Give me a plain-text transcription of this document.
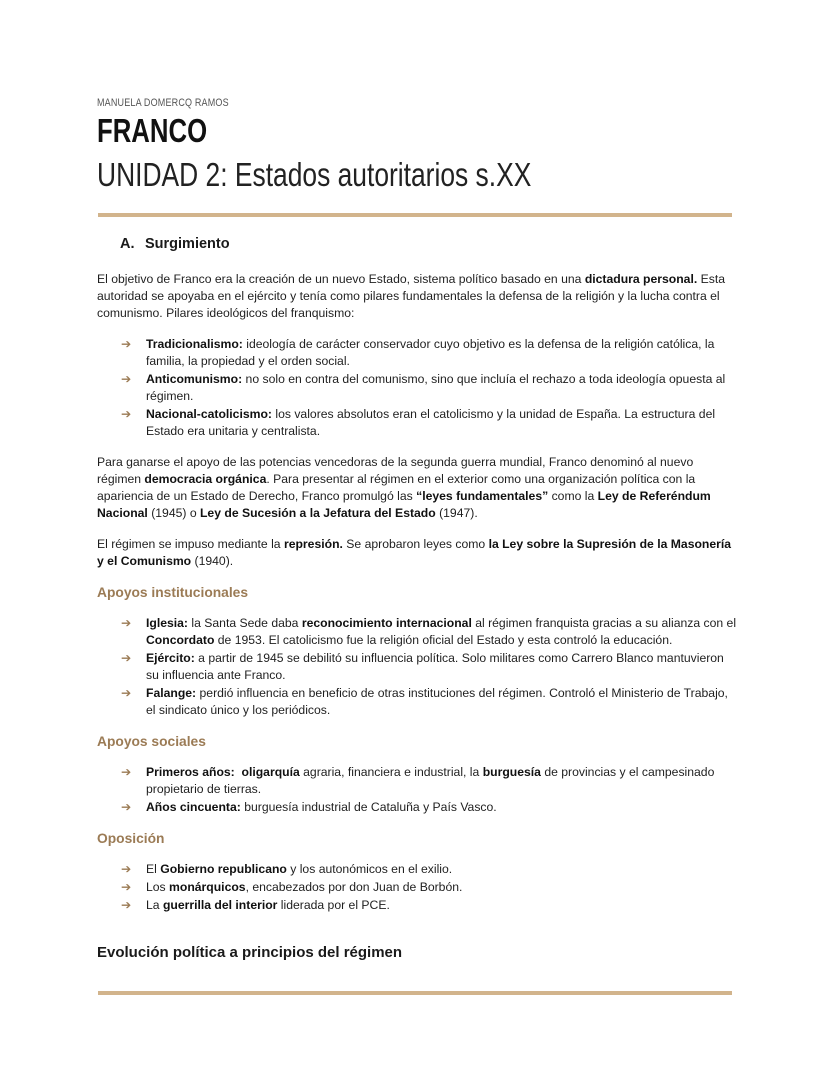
MANUELA DOMERCQ RAMOS
FRANCO
UNIDAD 2: Estados autoritarios s.XX
A. Surgimiento

El objetivo de Franco era la creación de un nuevo Estado, sistema político basado en una dictadura personal. Esta autoridad se apoyaba en el ejército y tenía como pilares fundamentales la defensa de la religión y la lucha contra el comunismo. Pilares ideológicos del franquismo:

➔ Tradicionalismo: ideología de carácter conservador cuyo objetivo es la defensa de la religión católica, la familia, la propiedad y el orden social.
➔ Anticomunismo: no solo en contra del comunismo, sino que incluía el rechazo a toda ideología opuesta al régimen.
➔ Nacional-catolicismo: los valores absolutos eran el catolicismo y la unidad de España. La estructura del Estado era unitaria y centralista.

Para ganarse el apoyo de las potencias vencedoras de la segunda guerra mundial, Franco denominó al nuevo régimen democracia orgánica. Para presentar al régimen en el exterior como una organización política con la apariencia de un Estado de Derecho, Franco promulgó las “leyes fundamentales” como la Ley de Referéndum Nacional (1945) o Ley de Sucesión a la Jefatura del Estado (1947).

El régimen se impuso mediante la represión. Se aprobaron leyes como la Ley sobre la Supresión de la Masonería y el Comunismo (1940).

Apoyos institucionales
➔ Iglesia: la Santa Sede daba reconocimiento internacional al régimen franquista gracias a su alianza con el Concordato de 1953. El catolicismo fue la religión oficial del Estado y esta controló la educación.
➔ Ejército: a partir de 1945 se debilitó su influencia política. Solo militares como Carrero Blanco mantuvieron su influencia ante Franco.
➔ Falange: perdió influencia en beneficio de otras instituciones del régimen. Controló el Ministerio de Trabajo, el sindicato único y los periódicos.
Apoyos sociales
➔ Primeros años: oligarquía agraria, financiera e industrial, la burguesía de provincias y el campesinado propietario de tierras.
➔ Años cincuenta: burguesía industrial de Cataluña y País Vasco.
Oposición
➔ El Gobierno republicano y los autonómicos en el exilio.
➔ Los monárquicos, encabezados por don Juan de Borbón.
➔ La guerrilla del interior liderada por el PCE.
Evolución política a principios del régimen
